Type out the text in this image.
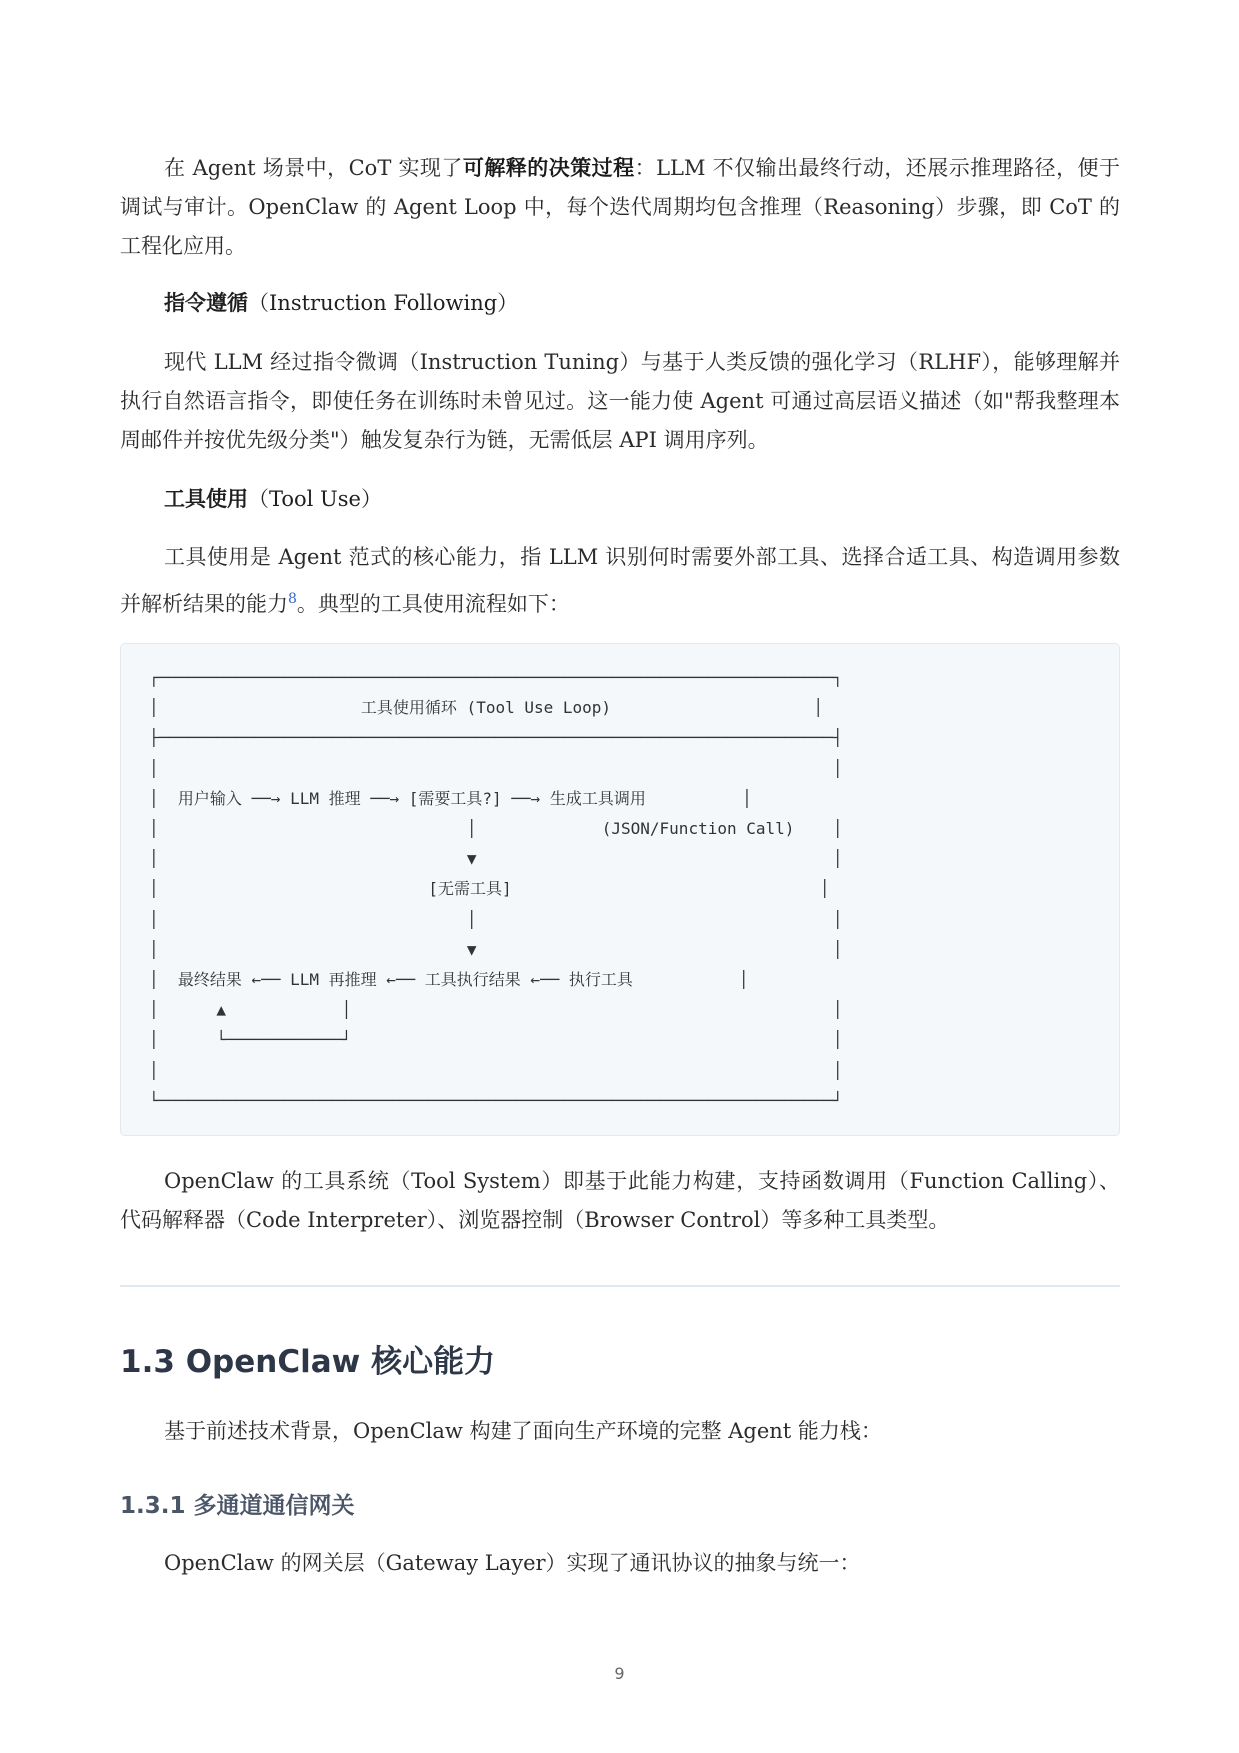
在 Agent 场景中，CoT 实现了可解释的决策过程：LLM 不仅输出最终行动，还展示推理路径，便于调试与审计。OpenClaw 的 Agent Loop 中，每个迭代周期均包含推理（Reasoning）步骤，即 CoT 的工程化应用。

指令遵循（Instruction Following）

现代 LLM 经过指令微调（Instruction Tuning）与基于人类反馈的强化学习（RLHF），能够理解并执行自然语言指令，即使任务在训练时未曾见过。这一能力使 Agent 可通过高层语义描述（如"帮我整理本周邮件并按优先级分类"）触发复杂行为链，无需低层 API 调用序列。

工具使用（Tool Use）

工具使用是 Agent 范式的核心能力，指 LLM 识别何时需要外部工具、选择合适工具、构造调用参数并解析结果的能力$^8$。典型的工具使用流程如下：

┌──────────────────────────────────────────────────────────────────────┐
│                     工具使用循环 (Tool Use Loop)                     │
├──────────────────────────────────────────────────────────────────────┤
│                                                                      │
│  用户输入 ──→ LLM 推理 ──→ [需要工具?] ──→ 生成工具调用          │
│                                │             (JSON/Function Call)    │
│                                ▼                                     │
│                            [无需工具]                                │
│                                │                                     │
│                                ▼                                     │
│  最终结果 ←── LLM 再推理 ←── 工具执行结果 ←── 执行工具           │
│      ▲            │                                                  │
│      └────────────┘                                                  │
│                                                                      │
└──────────────────────────────────────────────────────────────────────┘

OpenClaw 的工具系统（Tool System）即基于此能力构建，支持函数调用（Function Calling）、代码解释器（Code Interpreter）、浏览器控制（Browser Control）等多种工具类型。

1.3 OpenClaw 核心能力

基于前述技术背景，OpenClaw 构建了面向生产环境的完整 Agent 能力栈：

1.3.1 多通道通信网关

OpenClaw 的网关层（Gateway Layer）实现了通讯协议的抽象与统一：

9
